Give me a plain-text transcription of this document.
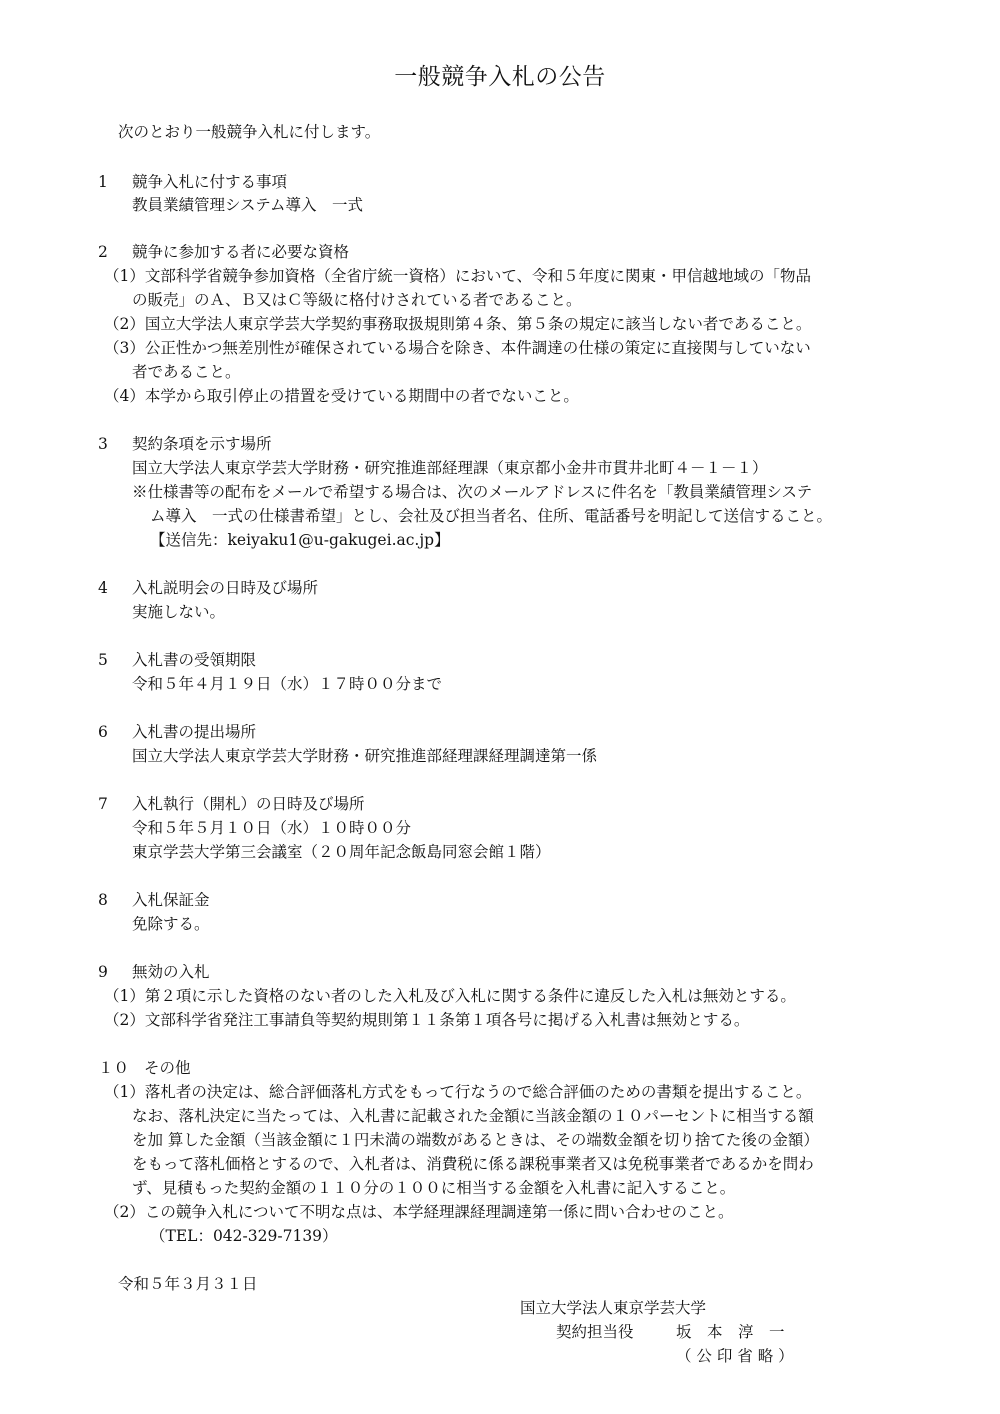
一般競争入札の公告
次のとおり一般競争入札に付します。
1 競争入札に付する事項
教員業績管理システム導入　一式
2 競争に参加する者に必要な資格
（1）文部科学省競争参加資格（全省庁統一資格）において、令和５年度に関東・甲信越地域の「物品
の販売」のＡ、Ｂ又はＣ等級に格付けされている者であること。
（2）国立大学法人東京学芸大学契約事務取扱規則第４条、第５条の規定に該当しない者であること。
（3）公正性かつ無差別性が確保されている場合を除き、本件調達の仕様の策定に直接関与していない
者であること。
（4）本学から取引停止の措置を受けている期間中の者でないこと。
3 契約条項を示す場所
国立大学法人東京学芸大学財務・研究推進部経理課（東京都小金井市貫井北町４－１－１）
※仕様書等の配布をメールで希望する場合は、次のメールアドレスに件名を「教員業績管理システ
ム導入　一式の仕様書希望」とし、会社及び担当者名、住所、電話番号を明記して送信すること。
【送信先：keiyaku1@u-gakugei.ac.jp】
4 入札説明会の日時及び場所
実施しない。
5 入札書の受領期限
令和５年４月１９日（水）１７時００分まで
6 入札書の提出場所
国立大学法人東京学芸大学財務・研究推進部経理課経理調達第一係
7 入札執行（開札）の日時及び場所
令和５年５月１０日（水）１０時００分
東京学芸大学第三会議室（２０周年記念飯島同窓会館１階）
8 入札保証金
免除する。
9 無効の入札
（1）第２項に示した資格のない者のした入札及び入札に関する条件に違反した入札は無効とする。
（2）文部科学省発注工事請負等契約規則第１１条第１項各号に掲げる入札書は無効とする。
１０ その他
（1）落札者の決定は、総合評価落札方式をもって行なうので総合評価のための書類を提出すること。
なお、落札決定に当たっては、入札書に記載された金額に当該金額の１０パーセントに相当する額
を加 算した金額（当該金額に１円未満の端数があるときは、その端数金額を切り捨てた後の金額）
をもって落札価格とするので、入札者は、消費税に係る課税事業者又は免税事業者であるかを問わ
ず、見積もった契約金額の１１０分の１００に相当する金額を入札書に記入すること。
（2）この競争入札について不明な点は、本学経理課経理調達第一係に問い合わせのこと。
（TEL：042-329-7139）
令和５年３月３１日
国立大学法人東京学芸大学
契約担当役	坂　本　淳　一
（ 公 印 省 略 ）
